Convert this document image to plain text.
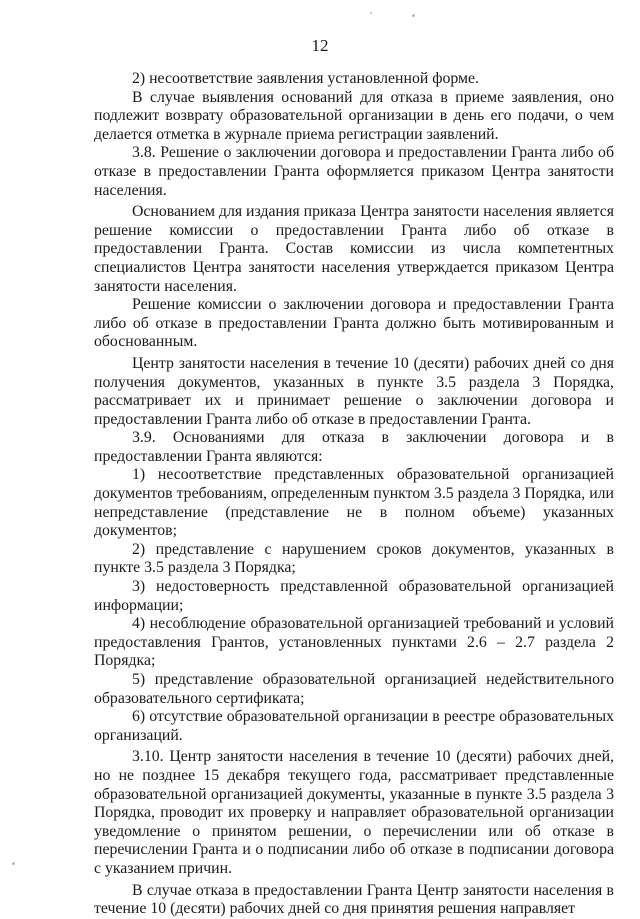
12

2) несоответствие заявления установленной форме.

В случае выявления оснований для отказа в приеме заявления, оно подлежит возврату образовательной организации в день его подачи, о чем делается отметка в журнале приема регистрации заявлений.

3.8. Решение о заключении договора и предоставлении Гранта либо об отказе в предоставлении Гранта оформляется приказом Центра занятости населения.

Основанием для издания приказа Центра занятости населения является решение комиссии о предоставлении Гранта либо об отказе в предоставлении Гранта. Состав комиссии из числа компетентных специалистов Центра занятости населения утверждается приказом Центра занятости населения.

Решение комиссии о заключении договора и предоставлении Гранта либо об отказе в предоставлении Гранта должно быть мотивированным и обоснованным.

Центр занятости населения в течение 10 (десяти) рабочих дней со дня получения документов, указанных в пункте 3.5 раздела 3 Порядка, рассматривает их и принимает решение о заключении договора и предоставлении Гранта либо об отказе в предоставлении Гранта.

3.9. Основаниями для отказа в заключении договора и в предоставлении Гранта являются:

1) несоответствие представленных образовательной организацией документов требованиям, определенным пунктом 3.5 раздела 3 Порядка, или непредставление (представление не в полном объеме) указанных документов;

2) представление с нарушением сроков документов, указанных в пункте 3.5 раздела 3 Порядка;

3) недостоверность представленной образовательной организацией информации;

4) несоблюдение образовательной организацией требований и условий предоставления Грантов, установленных пунктами 2.6 – 2.7 раздела 2 Порядка;

5) представление образовательной организацией недействительного образовательного сертификата;

6) отсутствие образовательной организации в реестре образовательных организаций.

3.10. Центр занятости населения в течение 10 (десяти) рабочих дней, но не позднее 15 декабря текущего года, рассматривает представленные образовательной организацией документы, указанные в пункте 3.5 раздела 3 Порядка, проводит их проверку и направляет образовательной организации уведомление о принятом решении, о перечислении или об отказе в перечислении Гранта и о подписании либо об отказе в подписании договора с указанием причин.

В случае отказа в предоставлении Гранта Центр занятости населения в течение 10 (десяти) рабочих дней со дня принятия решения направляет
